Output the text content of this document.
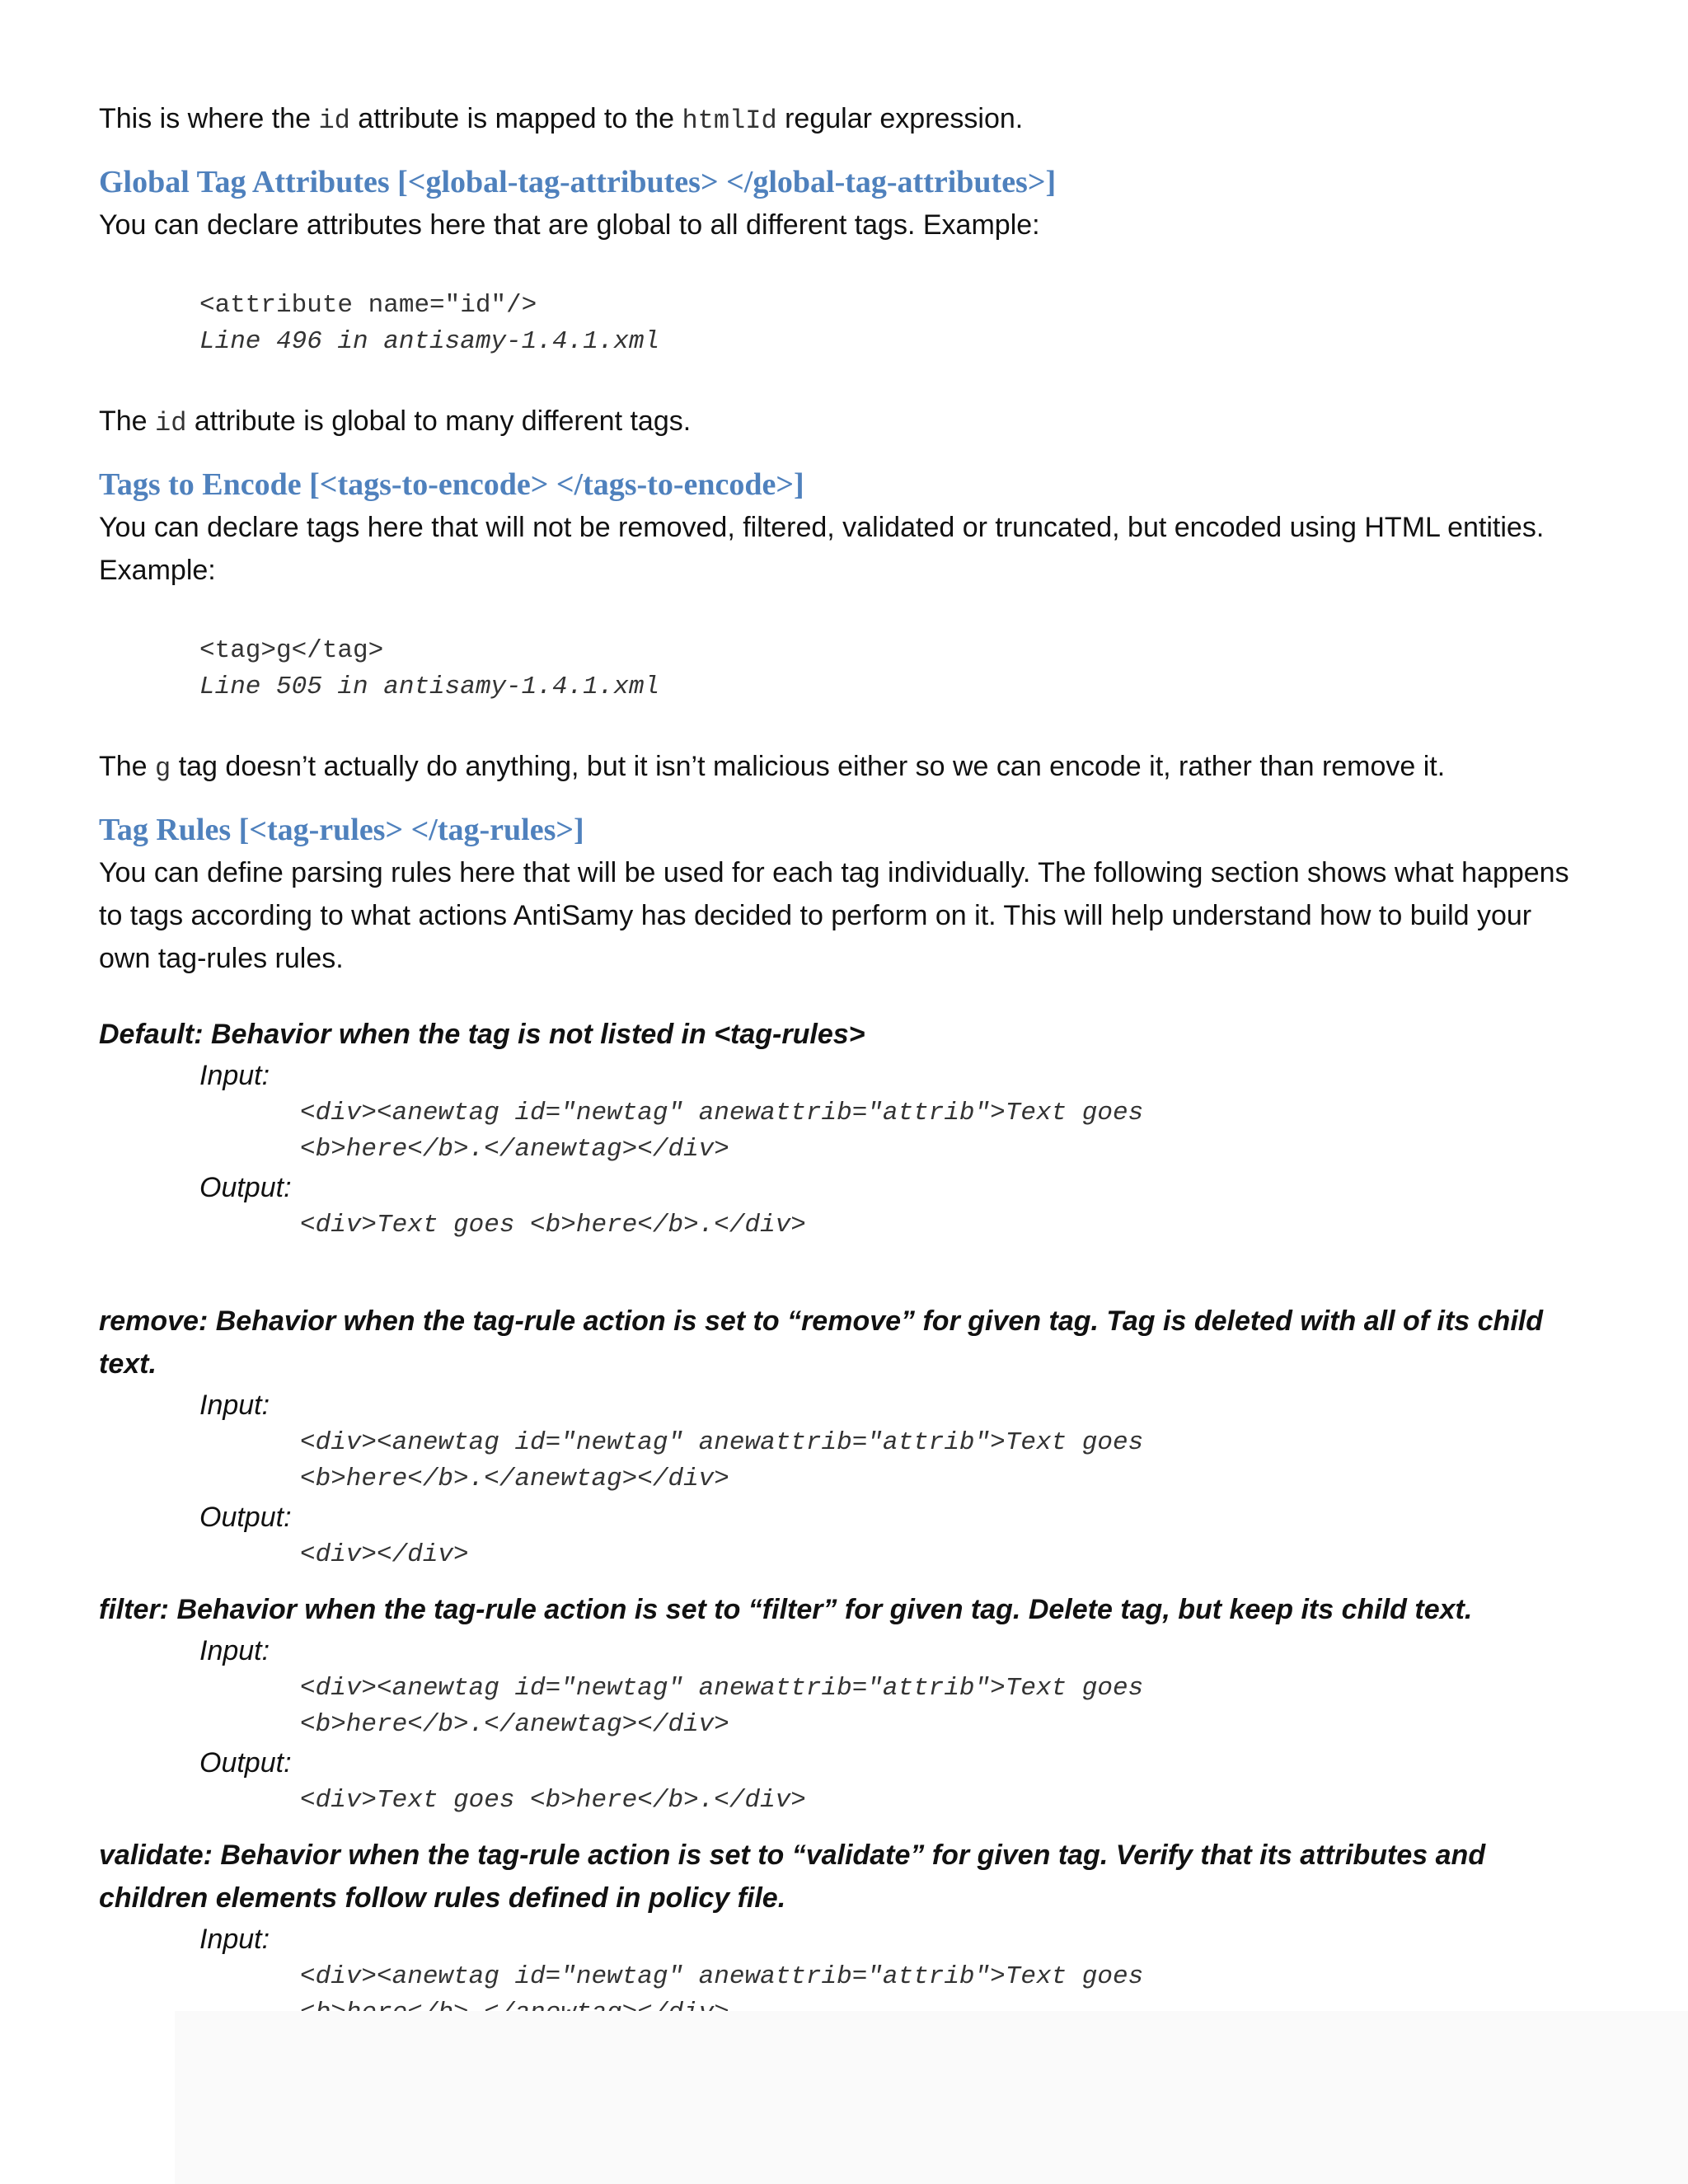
This is where the id attribute is mapped to the htmlId regular expression.

Global Tag Attributes [<global-tag-attributes> </global-tag-attributes>]

You can declare attributes here that are global to all different tags. Example:

<attribute name="id"/>
Line 496 in antisamy-1.4.1.xml

The id attribute is global to many different tags.

Tags to Encode [<tags-to-encode> </tags-to-encode>]

You can declare tags here that will not be removed, filtered, validated or truncated, but encoded using HTML entities. Example:

<tag>g</tag>
Line 505 in antisamy-1.4.1.xml

The g tag doesn’t actually do anything, but it isn’t malicious either so we can encode it, rather than remove it.

Tag Rules [<tag-rules> </tag-rules>]

You can define parsing rules here that will be used for each tag individually. The following section shows what happens to tags according to what actions AntiSamy has decided to perform on it. This will help understand how to build your own tag-rules rules.

Default: Behavior when the tag is not listed in <tag-rules>

Input:

<div><anewtag id="newtag" anewattrib="attrib">Text goes
<b>here</b>.</anewtag></div>

Output:

<div>Text goes <b>here</b>.</div>

remove: Behavior when the tag-rule action is set to “remove” for given tag. Tag is deleted with all of its child text.

Input:

<div><anewtag id="newtag" anewattrib="attrib">Text goes
<b>here</b>.</anewtag></div>

Output:

<div></div>

filter: Behavior when the tag-rule action is set to “filter” for given tag. Delete tag, but keep its child text.

Input:

<div><anewtag id="newtag" anewattrib="attrib">Text goes
<b>here</b>.</anewtag></div>

Output:

<div>Text goes <b>here</b>.</div>

validate: Behavior when the tag-rule action is set to “validate” for given tag. Verify that its attributes and children elements follow rules defined in policy file.

Input:

<div><anewtag id="newtag" anewattrib="attrib">Text goes
